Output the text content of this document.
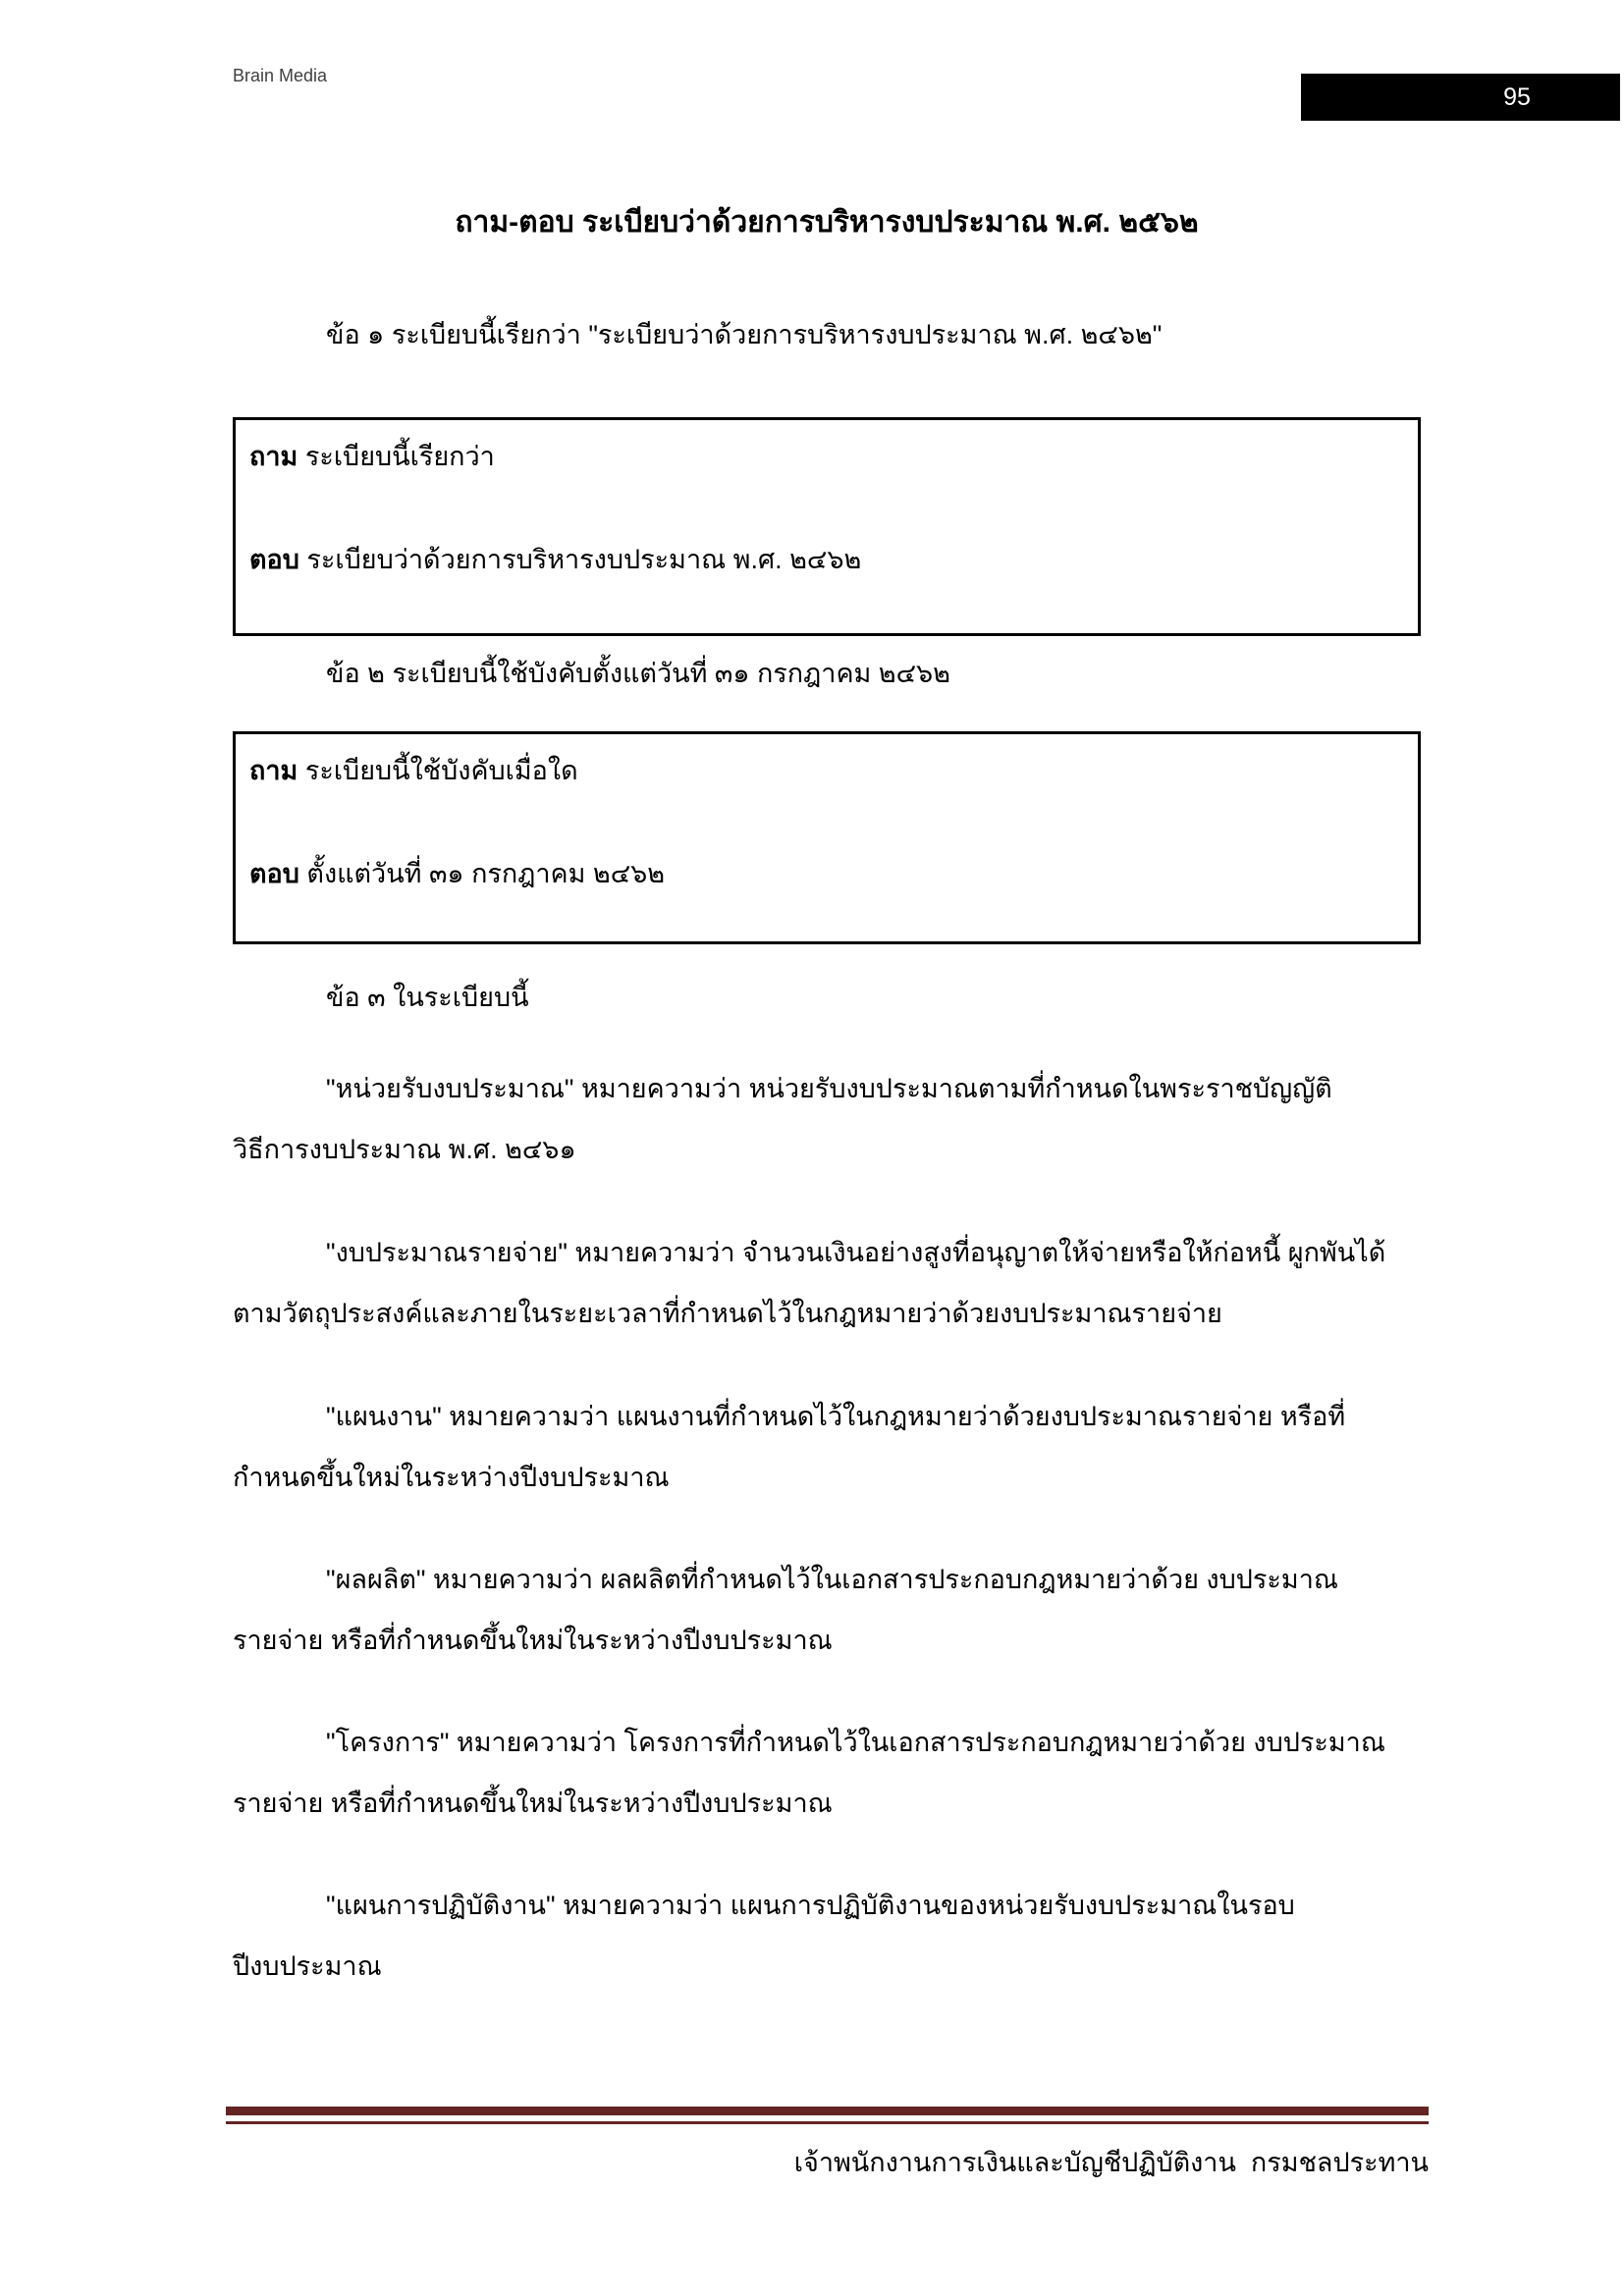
Brain Media
95
ถาม-ตอบ ระเบียบว่าด้วยการบริหารงบประมาณ พ.ศ. ๒๕๖๒
ข้อ ๑ ระเบียบนี้เรียกว่า "ระเบียบว่าด้วยการบริหารงบประมาณ พ.ศ. ๒๔๖๒"
ถาม ระเบียบนี้เรียกว่า
ตอบ ระเบียบว่าด้วยการบริหารงบประมาณ พ.ศ. ๒๔๖๒
ข้อ ๒ ระเบียบนี้ใช้บังคับตั้งแต่วันที่ ๓๑ กรกฎาคม ๒๔๖๒
ถาม ระเบียบนี้ใช้บังคับเมื่อใด
ตอบ ตั้งแต่วันที่ ๓๑ กรกฎาคม ๒๔๖๒
ข้อ ๓ ในระเบียบนี้
"หน่วยรับงบประมาณ" หมายความว่า หน่วยรับงบประมาณตามที่กำหนดในพระราชบัญญัติ
วิธีการงบประมาณ พ.ศ. ๒๔๖๑
"งบประมาณรายจ่าย" หมายความว่า จำนวนเงินอย่างสูงที่อนุญาตให้จ่ายหรือให้ก่อหนี้ ผูกพันได้
ตามวัตถุประสงค์และภายในระยะเวลาที่กำหนดไว้ในกฎหมายว่าด้วยงบประมาณรายจ่าย
"แผนงาน" หมายความว่า แผนงานที่กำหนดไว้ในกฎหมายว่าด้วยงบประมาณรายจ่าย หรือที่
กำหนดขึ้นใหม่ในระหว่างปีงบประมาณ
"ผลผลิต" หมายความว่า ผลผลิตที่กำหนดไว้ในเอกสารประกอบกฎหมายว่าด้วย งบประมาณ
รายจ่าย หรือที่กำหนดขึ้นใหม่ในระหว่างปีงบประมาณ
"โครงการ" หมายความว่า โครงการที่กำหนดไว้ในเอกสารประกอบกฎหมายว่าด้วย งบประมาณ
รายจ่าย หรือที่กำหนดขึ้นใหม่ในระหว่างปีงบประมาณ
"แผนการปฏิบัติงาน" หมายความว่า แผนการปฏิบัติงานของหน่วยรับงบประมาณในรอบ
ปีงบประมาณ
เจ้าพนักงานการเงินและบัญชีปฏิบัติงาน  กรมชลประทาน
